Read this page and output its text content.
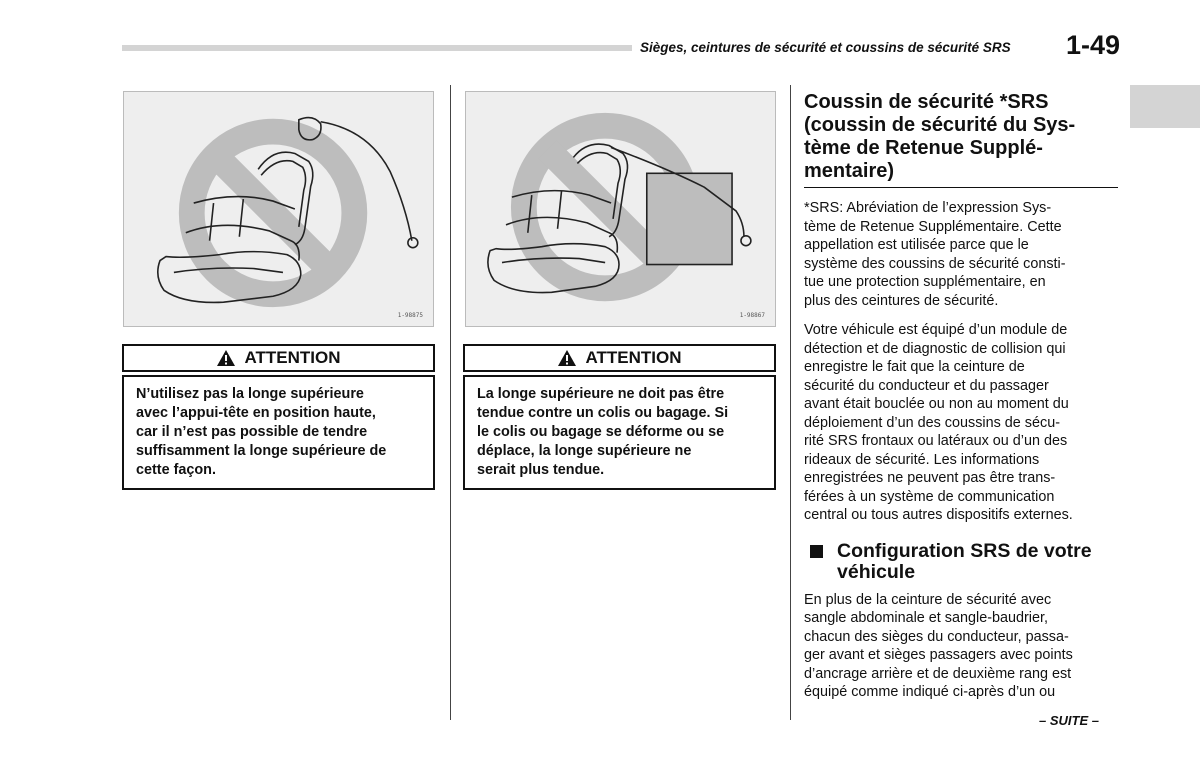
Sièges, ceintures de sécurité et coussins de sécurité SRS 1-49
1-98875	1-98867
ATTENTION
N’utilisez pas la longe supérieure
avec l’appui-tête en position haute,
car il n’est pas possible de tendre
suffisamment la longe supérieure de
cette façon.
ATTENTION
La longe supérieure ne doit pas être
tendue contre un colis ou bagage. Si
le colis ou bagage se déforme ou se
déplace, la longe supérieure ne
serait plus tendue.
Coussin de sécurité *SRS
(coussin de sécurité du Sys-
tème de Retenue Supplé-
mentaire)
*SRS: Abréviation de l’expression Sys-
tème de Retenue Supplémentaire. Cette
appellation est utilisée parce que le
système des coussins de sécurité consti-
tue une protection supplémentaire, en
plus des ceintures de sécurité.
Votre véhicule est équipé d’un module de
détection et de diagnostic de collision qui
enregistre le fait que la ceinture de
sécurité du conducteur et du passager
avant était bouclée ou non au moment du
déploiement d’un des coussins de sécu-
rité SRS frontaux ou latéraux ou d’un des
rideaux de sécurité. Les informations
enregistrées ne peuvent pas être trans-
férées à un système de communication
central ou tous autres dispositifs externes.
Configuration SRS de votre
véhicule
En plus de la ceinture de sécurité avec
sangle abdominale et sangle-baudrier,
chacun des sièges du conducteur, passa-
ger avant et sièges passagers avec points
d’ancrage arrière et de deuxième rang est
équipé comme indiqué ci-après d’un ou
– SUITE –
